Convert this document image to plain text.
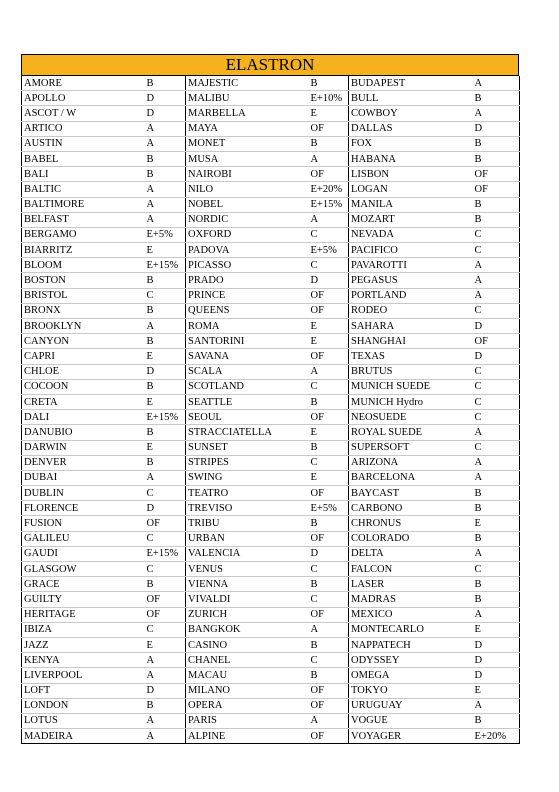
ELASTRON
AMORE	B	MAJESTIC	B	BUDAPEST	A
APOLLO	D	MALIBU	E+10%	BULL	B
ASCOT / W	D	MARBELLA	E	COWBOY	A
ARTICO	A	MAYA	OF	DALLAS	D
AUSTIN	A	MONET	B	FOX	B
BABEL	B	MUSA	A	HABANA	B
BALI	B	NAIROBI	OF	LISBON	OF
BALTIC	A	NILO	E+20%	LOGAN	OF
BALTIMORE	A	NOBEL	E+15%	MANILA	B
BELFAST	A	NORDIC	A	MOZART	B
BERGAMO	E+5%	OXFORD	C	NEVADA	C
BIARRITZ	E	PADOVA	E+5%	PACIFICO	C
BLOOM	E+15%	PICASSO	C	PAVAROTTI	A
BOSTON	B	PRADO	D	PEGASUS	A
BRISTOL	C	PRINCE	OF	PORTLAND	A
BRONX	B	QUEENS	OF	RODEO	C
BROOKLYN	A	ROMA	E	SAHARA	D
CANYON	B	SANTORINI	E	SHANGHAI	OF
CAPRI	E	SAVANA	OF	TEXAS	D
CHLOE	D	SCALA	A	BRUTUS	C
COCOON	B	SCOTLAND	C	MUNICH SUEDE	C
CRETA	E	SEATTLE	B	MUNICH Hydro	C
DALI	E+15%	SEOUL	OF	NEOSUEDE	C
DANUBIO	B	STRACCIATELLA	E	ROYAL SUEDE	A
DARWIN	E	SUNSET	B	SUPERSOFT	C
DENVER	B	STRIPES	C	ARIZONA	A
DUBAI	A	SWING	E	BARCELONA	A
DUBLIN	C	TEATRO	OF	BAYCAST	B
FLORENCE	D	TREVISO	E+5%	CARBONO	B
FUSION	OF	TRIBU	B	CHRONUS	E
GALILEU	C	URBAN	OF	COLORADO	B
GAUDI	E+15%	VALENCIA	D	DELTA	A
GLASGOW	C	VENUS	C	FALCON	C
GRACE	B	VIENNA	B	LASER	B
GUILTY	OF	VIVALDI	C	MADRAS	B
HERITAGE	OF	ZURICH	OF	MEXICO	A
IBIZA	C	BANGKOK	A	MONTECARLO	E
JAZZ	E	CASINO	B	NAPPATECH	D
KENYA	A	CHANEL	C	ODYSSEY	D
LIVERPOOL	A	MACAU	B	OMEGA	D
LOFT	D	MILANO	OF	TOKYO	E
LONDON	B	OPERA	OF	URUGUAY	A
LOTUS	A	PARIS	A	VOGUE	B
MADEIRA	A	ALPINE	OF	VOYAGER	E+20%
